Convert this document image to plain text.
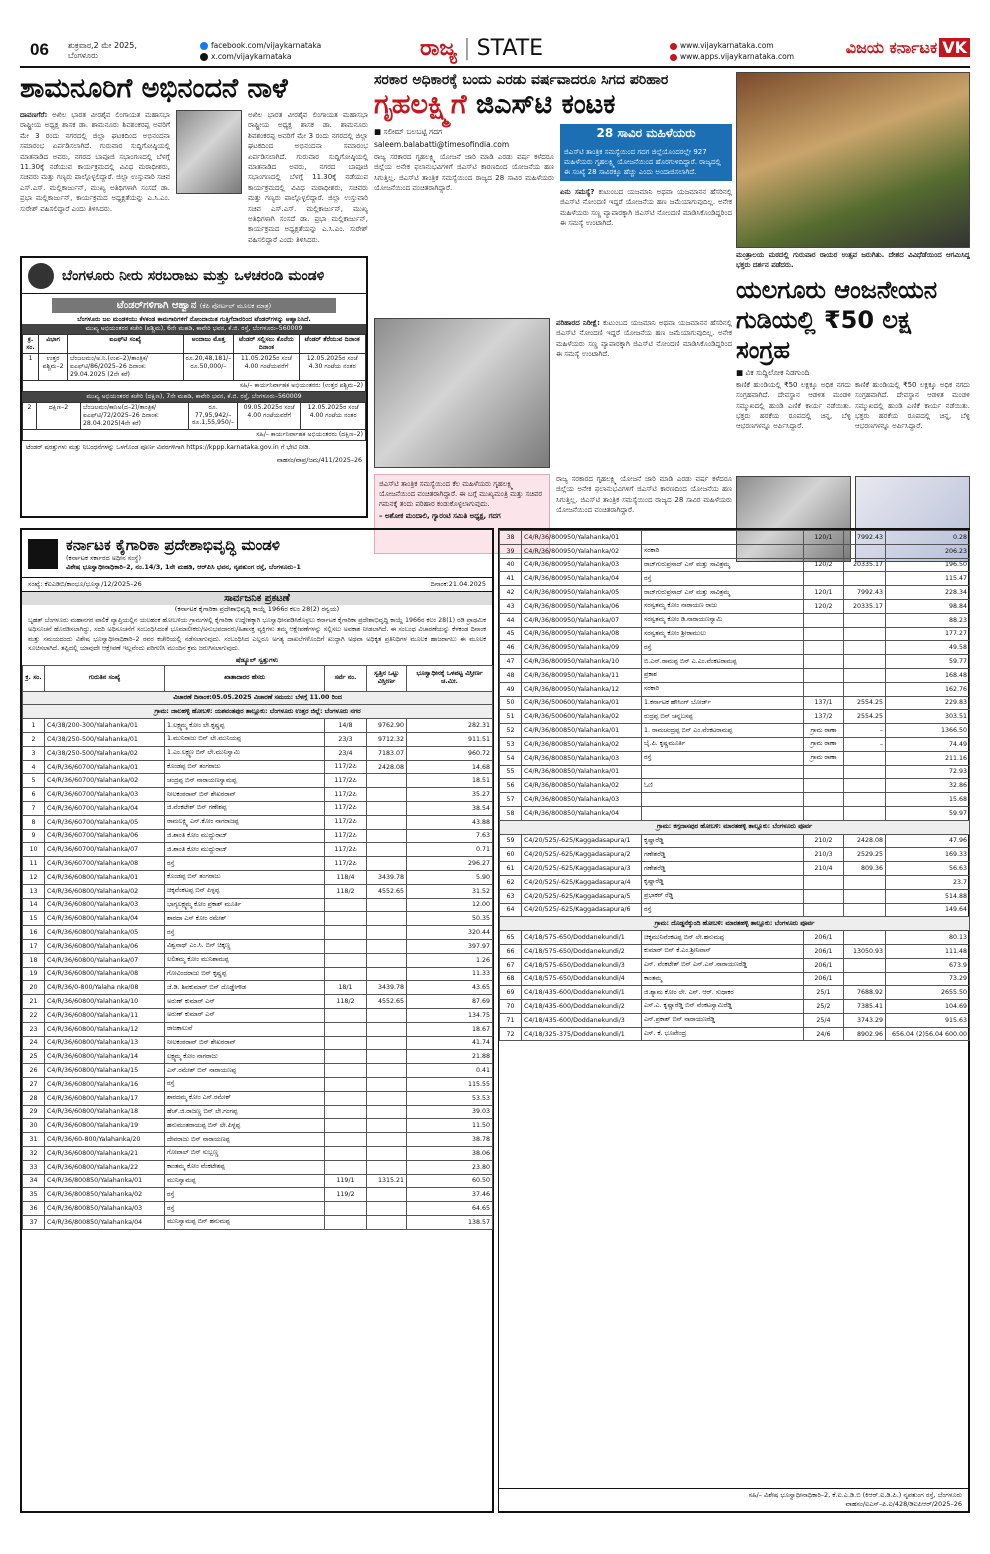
06 ಶುಕ್ರವಾರ,2 ಮೇ 2025,
ಬೆಂಗಳೂರು
facebook.com/vijaykarnataka
x.com/vijaykarnataka	ರಾಜ್ಯ | STATE	www.vijaykarnataka.com
www.apps.vijaykarnataka.com	ವಿಜಯ ಕರ್ನಾಟಕ VK
ಶಾಮನೂರಿಗೆ ಅಭಿನಂದನೆ ನಾಳೆ
ದಾವಣಗೆರೆ: ಅಖಿಲ ಭಾರತ ವೀರಶೈವ ಲಿಂಗಾಯತ ಮಹಾಸಭಾ ರಾಷ್ಟ್ರೀಯ ಅಧ್ಯಕ್ಷ ಶಾಸಕ ಡಾ. ಶಾಮನೂರು ಶಿವಶಂಕರಪ್ಪ ಅವರಿಗೆ ಮೇ 3 ರಂದು ನಗರದಲ್ಲಿ ಜಿಲ್ಲಾ ಘಟಕದಿಂದ ಅಭಿನಂದನಾ ಸಮಾರಂಭ ಏರ್ಪಡಿಸಲಾಗಿದೆ. ಗುರುವಾರ ಸುದ್ದಿಗೋಷ್ಠಿಯಲ್ಲಿ ಮಾತನಾಡಿದ ಅವರು, ನಗರದ ಬಾಪೂಜಿ ಸಭಾಂಗಣದಲ್ಲಿ ಬೆಳಗ್ಗೆ 11.30ಕ್ಕೆ ನಡೆಯುವ ಕಾರ್ಯಕ್ರಮದಲ್ಲಿ ವಿವಿಧ ಮಠಾಧೀಶರು, ಸಚಿವರು ಮತ್ತು ಗಣ್ಯರು ಪಾಲ್ಗೊಳ್ಳಲಿದ್ದಾರೆ. ಜಿಲ್ಲಾ ಉಸ್ತುವಾರಿ ಸಚಿವ ಎಸ್.ಎಸ್. ಮಲ್ಲಿಕಾರ್ಜುನ್, ಮುಖ್ಯ ಅತಿಥಿಗಳಾಗಿ ಸಂಸದೆ ಡಾ. ಪ್ರಭಾ ಮಲ್ಲಿಕಾರ್ಜುನ್, ಕಾರ್ಯಕ್ರಮದ ಅಧ್ಯಕ್ಷತೆಯನ್ನು ಎ.ಸಿ.ಎಂ. ಸುರೇಶ್ ವಹಿಸಲಿದ್ದಾರೆ ಎಂದು ತಿಳಿಸಿದರು.
ಅಖಿಲ ಭಾರತ ವೀರಶೈವ ಲಿಂಗಾಯತ ಮಹಾಸಭಾ ರಾಷ್ಟ್ರೀಯ ಅಧ್ಯಕ್ಷ ಶಾಸಕ ಡಾ. ಶಾಮನೂರು ಶಿವಶಂಕರಪ್ಪ ಅವರಿಗೆ ಮೇ 3 ರಂದು ನಗರದಲ್ಲಿ ಜಿಲ್ಲಾ ಘಟಕದಿಂದ ಅಭಿನಂದನಾ ಸಮಾರಂಭ ಏರ್ಪಡಿಸಲಾಗಿದೆ. ಗುರುವಾರ ಸುದ್ದಿಗೋಷ್ಠಿಯಲ್ಲಿ ಮಾತನಾಡಿದ ಅವರು, ನಗರದ ಬಾಪೂಜಿ ಸಭಾಂಗಣದಲ್ಲಿ ಬೆಳಗ್ಗೆ 11.30ಕ್ಕೆ ನಡೆಯುವ ಕಾರ್ಯಕ್ರಮದಲ್ಲಿ ವಿವಿಧ ಮಠಾಧೀಶರು, ಸಚಿವರು ಮತ್ತು ಗಣ್ಯರು ಪಾಲ್ಗೊಳ್ಳಲಿದ್ದಾರೆ. ಜಿಲ್ಲಾ ಉಸ್ತುವಾರಿ ಸಚಿವ ಎಸ್.ಎಸ್. ಮಲ್ಲಿಕಾರ್ಜುನ್, ಮುಖ್ಯ ಅತಿಥಿಗಳಾಗಿ ಸಂಸದೆ ಡಾ. ಪ್ರಭಾ ಮಲ್ಲಿಕಾರ್ಜುನ್, ಕಾರ್ಯಕ್ರಮದ ಅಧ್ಯಕ್ಷತೆಯನ್ನು ಎ.ಸಿ.ಎಂ. ಸುರೇಶ್ ವಹಿಸಲಿದ್ದಾರೆ ಎಂದು ತಿಳಿಸಿದರು.
ಬೆಂಗಳೂರು ನೀರು ಸರಬರಾಜು ಮತ್ತು ಒಳಚರಂಡಿ ಮಂಡಳಿ
ಟೆಂಡರ್‌ಗಳಿಗಾಗಿ ಆಹ್ವಾನ (ಕೆಪಿ ಪೋರ್ಟಲ್ ಮೂಲಕ ಮಾತ್ರ)
ಬೆಂಗಳೂರು ಜಲ ಮಂಡಳಿಯು ಕೆಳಕಂಡ ಕಾಮಗಾರಿಗಳಿಗೆ ನೋಂದಾಯಿತ ಗುತ್ತಿಗೆದಾರರಿಂದ ಟೆಂಡರ್‌ಗಳನ್ನು ಆಹ್ವಾನಿಸಿದೆ.
ಮುಖ್ಯ ಅಭಿಯಂತರರ ಕಚೇರಿ (ಪಶ್ಚಿಮ), 6ನೇ ಮಹಡಿ, ಕಾವೇರಿ ಭವನ, ಕೆ.ಜಿ. ರಸ್ತೆ, ಬೆಂಗಳೂರು–560009
ಕ್ರ. ಸಂ.	ವಿಭಾಗ	ಐಎಫ್‌ಟಿ ಸಂಖ್ಯೆ	ಅಂದಾಜು ಮೊತ್ತ	ಟೆಂಡರ್ ಸಲ್ಲಿಸಲು ಕೊನೆಯ ದಿನಾಂಕ	ಟೆಂಡರ್ ತೆರೆಯುವ ದಿನಾಂಕ
1	ಉತ್ತರ ಪಶ್ಚಿಮ–2	ಬೆಂಜಲಮಂ/ಅ.ನಿ.(ಉಪ–2)/ತಾಂತ್ರಿಕ/ಐಎಫ್‌ಟಿ/86/2025–26 ದಿನಾಂಕ: 29.04.2025 (2ನೇ ಕರೆ)	ರೂ.20,48,181/–
ರೂ.50,000/–	11.05.2025ರ ಸಂಜೆ 4.00 ಗಂಟೆಯವರೆಗೆ	12.05.2025ರ ಸಂಜೆ 4.30 ಗಂಟೆಯ ನಂತರ
ಸಹಿ/– ಕಾರ್ಯನಿರ್ವಾಹಕ ಅಭಿಯಂತರರು (ಉತ್ತರ ಪಶ್ಚಿಮ–2)					
ಮುಖ್ಯ ಅಭಿಯಂತರರ ಕಚೇರಿ (ದಕ್ಷಿಣ), 7ನೇ ಮಹಡಿ, ಕಾವೇರಿ ಭವನ, ಕೆ.ಜಿ. ರಸ್ತೆ, ಬೆಂಗಳೂರು–560009
2	ದಕ್ಷಿಣ–2	ಬೆಂಜಲಮಂ/ಕಾನಿಅ(ದ–2)/ತಾಂತ್ರಿಕ/ಐಎಫ್‌ಟಿ/72/2025–26 ದಿನಾಂಕ: 28.04.2025(4ನೇ ಕರೆ)	
ರೂ. 77,95,942/–
ರೂ.1,55,950/–
	09.05.2025ರ ಸಂಜೆ 4.00 ಗಂಟೆಯವರೆಗೆ	12.05.2025ರ ಸಂಜೆ 4.00 ಗಂಟೆಯ ನಂತರ
ಸಹಿ/– ಕಾರ್ಯನಿರ್ವಾಹಕ ಅಭಿಯಂತರರು (ದಕ್ಷಿಣ–2)
ಟೆಂಡರ್ ಷರತ್ತುಗಳು ಮತ್ತು ನಿಬಂಧನೆಗಳನ್ನು ಒಳಗೊಂಡ ಪೂರ್ಣ ವಿವರಗಳಿಗಾಗಿ https://kppp.karnataka.gov.in ಗೆ ಭೇಟಿ ನೀಡಿ.
ವಾಹಸಂ/ವಾಪ್ರ/ಜಮ/411/2025–26
ಸರಕಾರ ಅಧಿಕಾರಕ್ಕೆ ಬಂದು ಎರಡು ವರ್ಷವಾದರೂ ಸಿಗದ ಪರಿಹಾರ
ಗೃಹಲಕ್ಷ್ಮಿಗೆ ಜಿಎಸ್‌ಟಿ ಕಂಟಕ
■ ಸಲೀಮ್ ಬಲಬಟ್ಟಿ ಗದಗ
saleem.balabatti@timesofindia.com
ರಾಜ್ಯ ಸರಕಾರದ ಗೃಹಲಕ್ಷ್ಮಿ ಯೋಜನೆ ಜಾರಿ ಮಾಡಿ ಎರಡು ವರ್ಷ ಕಳೆದರೂ ಜಿಲ್ಲೆಯ ಅನೇಕ ಫಲಾನುಭವಿಗಳಿಗೆ ಜಿಎಸ್‌ಟಿ ಕಾರಣದಿಂದ ಯೋಜನೆಯ ಹಣ ಸಿಗುತ್ತಿಲ್ಲ. ಜಿಎಸ್‌ಟಿ ತಾಂತ್ರಿಕ ಸಮಸ್ಯೆಯಿಂದ ರಾಜ್ಯದ 28 ಸಾವಿರ ಮಹಿಳೆಯರು ಯೋಜನೆಯಿಂದ ವಂಚಿತರಾಗಿದ್ದಾರೆ.
28 ಸಾವಿರ ಮಹಿಳೆಯರು
ಜಿಎಸ್‌ಟಿ ತಾಂತ್ರಿಕ ಸಮಸ್ಯೆಯಿಂದ ಗದಗ ಜಿಲ್ಲೆಯೊಂದರಲ್ಲೇ 927 ಮಹಿಳೆಯರು ಗೃಹಲಕ್ಷ್ಮಿ ಯೋಜನೆಯಿಂದ ಹೊರಗುಳಿದಿದ್ದಾರೆ. ರಾಜ್ಯದಲ್ಲಿ ಈ ಸಂಖ್ಯೆ 28 ಸಾವಿರಕ್ಕೂ ಹೆಚ್ಚು ಎಂದು ಅಂದಾಜಿಸಲಾಗಿದೆ.
ಏನು ಸಮಸ್ಯೆ? ಕುಟುಂಬದ ಯಜಮಾನಿ ಅಥವಾ ಯಜಮಾನನ ಹೆಸರಿನಲ್ಲಿ ಜಿಎಸ್‌ಟಿ ನೋಂದಣಿ ಇದ್ದರೆ ಯೋಜನೆಯ ಹಣ ಜಮೆಯಾಗುವುದಿಲ್ಲ. ಅನೇಕ ಮಹಿಳೆಯರು ಸಣ್ಣ ವ್ಯಾಪಾರಕ್ಕಾಗಿ ಜಿಎಸ್‌ಟಿ ನೋಂದಣಿ ಮಾಡಿಸಿಕೊಂಡಿದ್ದರಿಂದ ಈ ಸಮಸ್ಯೆ ಉಂಟಾಗಿದೆ.
ಪರಿಹಾರದ ನಿರೀಕ್ಷೆ: ಕುಟುಂಬದ ಯಜಮಾನಿ ಅಥವಾ ಯಜಮಾನನ ಹೆಸರಿನಲ್ಲಿ ಜಿಎಸ್‌ಟಿ ನೋಂದಣಿ ಇದ್ದರೆ ಯೋಜನೆಯ ಹಣ ಜಮೆಯಾಗುವುದಿಲ್ಲ. ಅನೇಕ ಮಹಿಳೆಯರು ಸಣ್ಣ ವ್ಯಾಪಾರಕ್ಕಾಗಿ ಜಿಎಸ್‌ಟಿ ನೋಂದಣಿ ಮಾಡಿಸಿಕೊಂಡಿದ್ದರಿಂದ ಈ ಸಮಸ್ಯೆ ಉಂಟಾಗಿದೆ.
ಜಿಎಸ್‌ಟಿ ತಾಂತ್ರಿಕ ಸಮಸ್ಯೆಯಿಂದ ಕೆಲ ಮಹಿಳೆಯರು ಗೃಹಲಕ್ಷ್ಮಿ ಯೋಜನೆಯಿಂದ ವಂಚಿತರಾಗಿದ್ದಾರೆ. ಈ ಬಗ್ಗೆ ಮುಖ್ಯಮಂತ್ರಿ ಮತ್ತು ಸಚಿವರ ಗಮನಕ್ಕೆ ತಂದು ಪರಿಹಾರ ಕಂಡುಕೊಳ್ಳಲಾಗುವುದು.
– ಅಶೋಕ ಮಂದಾಲಿ, ಗ್ಯಾರಂಟಿ ಸಮಿತಿ ಅಧ್ಯಕ್ಷ, ಗದಗ
ರಾಜ್ಯ ಸರಕಾರದ ಗೃಹಲಕ್ಷ್ಮಿ ಯೋಜನೆ ಜಾರಿ ಮಾಡಿ ಎರಡು ವರ್ಷ ಕಳೆದರೂ ಜಿಲ್ಲೆಯ ಅನೇಕ ಫಲಾನುಭವಿಗಳಿಗೆ ಜಿಎಸ್‌ಟಿ ಕಾರಣದಿಂದ ಯೋಜನೆಯ ಹಣ ಸಿಗುತ್ತಿಲ್ಲ. ಜಿಎಸ್‌ಟಿ ತಾಂತ್ರಿಕ ಸಮಸ್ಯೆಯಿಂದ ರಾಜ್ಯದ 28 ಸಾವಿರ ಮಹಿಳೆಯರು ಯೋಜನೆಯಿಂದ ವಂಚಿತರಾಗಿದ್ದಾರೆ.
ಮಂತ್ರಾಲಯ ಮಠದಲ್ಲಿ ಗುರುವಾರ ರಾಯರ ಉತ್ಸವ ಜರುಗಿತು. ದೇಶದ ವಿವಿಧೆಡೆಯಿಂದ ಆಗಮಿಸಿದ್ದ ಭಕ್ತರು ದರ್ಶನ ಪಡೆದರು.
ಯಲಗೂರು ಆಂಜನೇಯನ ಗುಡಿಯಲ್ಲಿ ₹50 ಲಕ್ಷ ಸಂಗ್ರಹ
■ ವಿಕ ಸುದ್ದಿಲೋಕ ನಿಡಗುಂದಿ
ಕಾಣಿಕೆ ಹುಂಡಿಯಲ್ಲಿ ₹50 ಲಕ್ಷಕ್ಕೂ ಅಧಿಕ ನಗದು ಸಂಗ್ರಹವಾಗಿದೆ. ದೇವಸ್ಥಾನ ಆಡಳಿತ ಮಂಡಳಿ ಸಮ್ಮುಖದಲ್ಲಿ ಹುಂಡಿ ಎಣಿಕೆ ಕಾರ್ಯ ನಡೆಯಿತು. ಭಕ್ತರು ಹರಕೆಯ ರೂಪದಲ್ಲಿ ಚಿನ್ನ, ಬೆಳ್ಳಿ ಆಭರಣಗಳನ್ನೂ ಅರ್ಪಿಸಿದ್ದಾರೆ.
ಕಾಣಿಕೆ ಹುಂಡಿಯಲ್ಲಿ ₹50 ಲಕ್ಷಕ್ಕೂ ಅಧಿಕ ನಗದು ಸಂಗ್ರಹವಾಗಿದೆ. ದೇವಸ್ಥಾನ ಆಡಳಿತ ಮಂಡಳಿ ಸಮ್ಮುಖದಲ್ಲಿ ಹುಂಡಿ ಎಣಿಕೆ ಕಾರ್ಯ ನಡೆಯಿತು. ಭಕ್ತರು ಹರಕೆಯ ರೂಪದಲ್ಲಿ ಚಿನ್ನ, ಬೆಳ್ಳಿ ಆಭರಣಗಳನ್ನೂ ಅರ್ಪಿಸಿದ್ದಾರೆ.
ಕರ್ನಾಟಕ ಕೈಗಾರಿಕಾ ಪ್ರದೇಶಾಭಿವೃದ್ಧಿ ಮಂಡಳಿ
(ಕರ್ನಾಟಕ ಸರ್ಕಾರದ ಅಧೀನ ಸಂಸ್ಥೆ)
ವಿಶೇಷ ಭೂಸ್ವಾಧೀನಾಧಿಕಾರಿ–2, ನಂ.14/3, 1ನೇ ಮಹಡಿ, ಆರ್‌ಪಿಸಿ ಭವನ, ನೃಪತುಂಗ ರಸ್ತೆ, ಬೆಂಗಳೂರು–1
ಸಂಖ್ಯೆ: ಕೆಐಎಡಿಬಿ/ಕಾಂಭೂ/ಭೂಸ್ವಾ/12/2025–26	ದಿನಾಂಕ:21.04.2025
ಸಾರ್ವಜನಿಕ ಪ್ರಕಟಣೆ
(ಕರ್ನಾಟಕ ಕೈಗಾರಿಕಾ ಪ್ರದೇಶಾಭಿವೃದ್ಧಿ ಕಾಯ್ದೆ 1966ರ ಕಲಂ 28(2) ರನ್ವಯ)
ಬೃಹತ್ ಬೆಂಗಳೂರು ಮಹಾನಗರ ಪಾಲಿಕೆ ವ್ಯಾಪ್ತಿಯಲ್ಲಿನ ಯಲಹಂಕ ಹೋಬಳಿಯ ಗ್ರಾಮಗಳಲ್ಲಿ ಕೈಗಾರಿಕಾ ಉದ್ದೇಶಕ್ಕಾಗಿ ಭೂಸ್ವಾಧೀನಪಡಿಸಿಕೊಳ್ಳಲು ಕರ್ನಾಟಕ ಕೈಗಾರಿಕಾ ಪ್ರದೇಶಾಭಿವೃದ್ಧಿ ಕಾಯ್ದೆ 1966ರ ಕಲಂ 28(1) ರಡಿ ಪ್ರಾಥಮಿಕ ಅಧಿಸೂಚನೆ ಹೊರಡಿಸಲಾಗಿದ್ದು, ಸದರಿ ಅಧಿಸೂಚನೆಗೆ ಸಂಬಂಧಿಸಿದಂತೆ ಭೂಮಾಲೀಕರು/ಅನುಭವದಾರರು/ಹಿತಾಸಕ್ತ ವ್ಯಕ್ತಿಗಳು ತಮ್ಮ ಆಕ್ಷೇಪಣೆಗಳನ್ನು ಸಲ್ಲಿಸಲು ಅವಕಾಶ ನೀಡಲಾಗಿದೆ. ಈ ಸಂಬಂಧ ವಿಚಾರಣೆಯನ್ನು ಕೆಳಕಂಡ ದಿನಾಂಕ ಮತ್ತು ಸಮಯದಂದು ವಿಶೇಷ ಭೂಸ್ವಾಧೀನಾಧಿಕಾರಿ–2 ರವರ ಕಚೇರಿಯಲ್ಲಿ ನಡೆಸಲಾಗುವುದು. ಸಂಬಂಧಿಸಿದ ಎಲ್ಲರೂ ಅಗತ್ಯ ದಾಖಲೆಗಳೊಂದಿಗೆ ಖುದ್ದಾಗಿ ಅಥವಾ ಅಧಿಕೃತ ಪ್ರತಿನಿಧಿಗಳ ಮೂಲಕ ಹಾಜರಾಗಲು ಈ ಮೂಲಕ ಸೂಚಿಸಲಾಗಿದೆ. ತಪ್ಪಿದಲ್ಲಿ ಯಾವುದೇ ಆಕ್ಷೇಪಣೆ ಇಲ್ಲವೆಂದು ಪರಿಗಣಿಸಿ ಮುಂದಿನ ಕ್ರಮ ಜರುಗಿಸಲಾಗುವುದು.
ಷೆಡ್ಯೂಲ್ ಸ್ವತ್ತುಗಳು
ಕ್ರ. ಸಂ.	ಗುರುತಿನ ಸಂಖ್ಯೆ	ಖಾತಾದಾರರ ಹೆಸರು	ಸರ್ವೆ ನಂ.	ಸ್ವತ್ತಿನ ಒಟ್ಟು ವಿಸ್ತೀರ್ಣ	ಭೂಸ್ವಾಧೀನಕ್ಕೆ ಒಳಪಟ್ಟ ವಿಸ್ತೀರ್ಣ ಚ.ಮೀ.
ವಿಚಾರಣೆ ದಿನಾಂಕ:05.05.2025 ವಿಚಾರಣೆ ಸಮಯ: ಬೆಳಗ್ಗೆ 11.00 ರಿಂದ					
ಗ್ರಾಮ: ಜಾಲಹಳ್ಳಿ ಹೋಬಳಿ: ಯಶವಂತಪುರ ತಾಲ್ಲೂಕು: ಬೆಂಗಳೂರು ಉತ್ತರ ಜಿಲ್ಲೆ: ಬೆಂಗಳೂರು ನಗರ					
1	C4/38/200-300/Yalahanka/01	1.ಲಕ್ಷ್ಮಮ್ಮ ಕೋಂ ಲೇ.ಕೃಷ್ಣಪ್ಪ	14/8	9762.90	282.31
2	C4/38/250-500/Yalahanka/01	1.ಮುನಿರಾಜು ಬಿನ್ ಲೇ.ಮುನಿಯಪ್ಪ	23/3	9712.32	911.51
3	C4/38/250-500/Yalahanka/02	1.ಎಂ.ಲಕ್ಷ್ಮಣ ಬಿನ್ ಲೇ.ಮುನಿಸ್ವಾಮಿ	23/4	7183.07	960.72
4	C4/R/36/60700/Yalahanka/01	ಕೊಂಡಪ್ಪ ಬಿನ್ ತಂಗರಾಜು	117/2ಪಿ	2428.08	14.68
5	C4/R/36/60700/Yalahanka/02	ಚಂದ್ರಪ್ಪ ಬಿನ್ ನಾರಾಯಣಸ್ವಾಮಪ್ಪ	117/2ಪಿ		18.51
6	C4/R/36/60700/Yalahanka/03	ನೀಲಕಂಠರಾವ್ ಬಿನ್ ಶೇಖರರಾವ್	117/2ಪಿ		35.27
7	C4/R/36/60700/Yalahanka/04	ಜಿ.ವೆಂಕಟೇಶ್ ಬಿನ್ ಗಣೇಶಪ್ಪ	117/2ಪಿ		38.54
8	C4/R/36/60700/Yalahanka/05	ರಾಮಲಕ್ಷ್ಮಿ ಎನ್.ಕೋಂ ನಾಗರಾಜಪ್ಪ	117/2ಪಿ		43.88
9	C4/R/36/60700/Yalahanka/06	ಜಿ.ಶಾಂತಿ ಕೋಂ ಮುದ್ದುರಾಜ್	117/2ಪಿ		7.63
10	C4/R/36/60700/Yalahanka/07	ಜಿ.ಶಾಂತಿ ಕೋಂ ಮುದ್ದುರಾಜ್	117/2ಪಿ		0.71
11	C4/R/36/60700/Yalahanka/08	ರಸ್ತೆ	117/2ಪಿ		296.27
12	C4/R/36/60800/Yalahanka/01	ಕೊಂಡಪ್ಪ ಬಿನ್ ತಂಗರಾಜು	118/4	3439.78	5.90
13	C4/R/36/60800/Yalahanka/02	ಚಿಕ್ಕವೆಂಕಟಪ್ಪ ಬಿನ್ ಪಿಳ್ಳಪ್ಪ	118/2	4552.65	31.52
14	C4/R/36/60800/Yalahanka/03	ಭಾಗ್ಯಲಕ್ಷ್ಮಮ್ಮ ಕೋಂ ಪ್ರಕಾಶ್ ಮೂರ್ತಿ			12.00
15	C4/R/36/60800/Yalahanka/04	ಶಾರದಾ ಎಸ್ ಕೋಂ ರಮೇಶ್			50.35
16	C4/R/36/60800/Yalahanka/05	ರಸ್ತೆ			320.44
17	C4/R/36/60800/Yalahanka/06	ವಿಶ್ವನಾಥ್ ಎಂ.ಸಿ. ಬಿನ್ ಚಿಕ್ಕಣ್ಣ			397.97
18	C4/R/36/60800/Yalahanka/07	ಲಲಿತಮ್ಮ ಕೋಂ ಮುನಿಶಾಮಪ್ಪ			1.26
19	C4/R/36/60800/Yalahanka/08	ಗೋವಿಂದರಾಜು ಬಿನ್ ಕೃಷ್ಣಪ್ಪ			11.33
20	C4/R/36/0-800/Yalaha nka/08	ಜೆ.ಡಿ. ಶಿವಕುಮಾರ್ ಬಿನ್ ದೊಡ್ಡೇಗೌಡ	18/1	3439.78	43.65
21	C4/R/36/60800/Yalahanka/10	ಅರುಣ್ ಕುಮಾರ್ ಎನ್	118/2	4552.65	87.69
22	C4/R/36/60800/Yalahanka/11	ಅರುಣ್ ಕುಮಾರ್ ಎನ್			134.75
23	C4/R/36/60800/Yalahanka/12	ರಾಜಕಾಲುವೆ			18.67
24	C4/R/36/60800/Yalahanka/13	ನೀಲಕಂಠರಾವ್ ಬಿನ್ ಶೇಖರರಾವ್			41.74
25	C4/R/36/60800/Yalahanka/14	ಲಕ್ಷ್ಮಮ್ಮ ಕೋಂ ನಾಗರಾಜು			21.88
26	C4/R/36/60800/Yalahanka/15	ಎಸ್.ರಮೇಶ್ ಬಿನ್ ನಾರಾಯಣಪ್ಪ			0.41
27	C4/R/36/60800/Yalahanka/16	ರಸ್ತೆ			115.55
28	C4/R/36/60800/Yalahanka/17	ಶಾರದಮ್ಮ ಕೋಂ ಎಸ್.ರಮೇಶ್			53.53
29	C4/R/36/60800/Yalahanka/18	ಹೆಚ್.ಜಿ.ರಾಜಣ್ಣ ಬಿನ್ ಲೇ.ಗಂಗಪ್ಪ			39.03
30	C4/R/36/60800/Yalahanka/19	ಹನುಮಂತರಾಯಪ್ಪ ಬಿನ್ ಲೇ.ಪಿಳ್ಳಪ್ಪ			11.50
31	C4/R/36/60-800/Yalahanka/20	ದೇವರಾಜು ಬಿನ್ ನಾರಾಯಣಪ್ಪ			38.78
32	C4/R/36/60800/Yalahanka/21	ಗೋಪಾಲ್ ಬಿನ್ ಸುಬ್ಬಣ್ಣ			38.06
33	C4/R/36/60800/Yalahanka/22	ಕಾಂತಮ್ಮ ಕೋಂ ವೆಂಕಟೇಶಪ್ಪ			23.80
34	C4/R/36/800850/Yalahanka/01	ಮುನಿಸ್ವಾಮಪ್ಪ	119/1	1315.21	60.50
35	C4/R/36/800850/Yalahanka/02	ರಸ್ತೆ	119/2		37.46
36	C4/R/36/800850/Yalahanka/03	ರಸ್ತೆ			64.65
37	C4/R/36/800850/Yalahanka/04	ಮುನಿಸ್ವಾಮಪ್ಪ ಬಿನ್ ಹನುಮಪ್ಪ			138.57
38	C4/R/36/800950/Yalahanka/01		120/1	7992.43	0.28
39	C4/R/36/800950/Yalahanka/02	ಸರಕಾರಿ			206.23
40	C4/R/36/800950/Yalahanka/03	ರಾಜ್‌ಗುರುಪ್ರಸಾದ್ ಎಸ್ ಮತ್ತು ಸಾವಿತ್ರಮ್ಮ	120/2	20335.17	196.50
41	C4/R/36/800950/Yalahanka/04	ರಸ್ತೆ			115.47
42	C4/R/36/800950/Yalahanka/05	ರಾಜ್‌ಗುರುಪ್ರಸಾದ್ ಎಸ್ ಮತ್ತು ಸಾವಿತ್ರಮ್ಮ	120/1	7992.43	228.34
43	C4/R/36/800950/Yalahanka/06	ಸರಸ್ವತಮ್ಮ ಕೋಂ ನಾರಾಯಣ ರಾಜು	120/2	20335.17	98.84
44	C4/R/36/800950/Yalahanka/07	ಸರಸ್ವತಮ್ಮ ಕೋಂ ಡಿ.ನಾರಾಯಣಸ್ವಾಮಿ			88.23
45	C4/R/36/800950/Yalahanka/08	ಸರಸ್ವತಮ್ಮ ಕೋಂ ಶ್ರೀರಾಮುಲು			177.27
46	C4/R/36/800950/Yalahanka/09	ರಸ್ತೆ			49.58
47	C4/R/36/800950/Yalahanka/10	ಬಿ.ಎನ್.ರಾಮಪ್ಪ ಬಿನ್ ಎ.ಎಂ.ವೆಂಕಟರಾಮಪ್ಪ			59.77
48	C4/R/36/800950/Yalahanka/11	ಪ್ರಕಾಶ			168.48
49	C4/R/36/800950/Yalahanka/12	ಸರಕಾರಿ			162.76
50	C4/R/36/500600/Yalahanka/01	1.ಕರ್ನಾಟಕ ಹೌಸಿಂಗ್ ಬೋರ್ಡ್	137/1	2554.25	229.83
51	C4/R/36/500600/Yalahanka/02	ರುದ್ರಪ್ಪ ಬಿನ್ ಚನ್ನಬಸಪ್ಪ	137/2	2554.25	303.51
52	C4/R/36/800850/Yalahanka/01	1. ರಾಮಚಂದ್ರಪ್ಪ ಬಿನ್ ಎಂ.ವೆಂಕಟರಾಮಪ್ಪ	ಗ್ರಾಮ ಠಾಣಾ	–	1366.50
53	C4/R/36/800850/Yalahanka/02	ಬೈ.ಪಿ. ಕೃಷ್ಣಮೂರ್ತಿ	ಗ್ರಾಮ ಠಾಣಾ	–	74.49
54	C4/R/36/800850/Yalahanka/03	ರಸ್ತೆ	ಗ್ರಾಮ ಠಾಣಾ		211.16
55	C4/R/36/800850/Yalahanka/01				72.93
56	C4/R/36/800850/Yalahanka/02	ಓಣಿ			32.86
57	C4/R/36/800850/Yalahanka/03				15.68
58	C4/R/36/800850/Yalahanka/04				59.97
ಗ್ರಾಮ: ಕಗ್ಗದಾಸಪುರ ಹೋಬಳಿ: ಮಾರತಹಳ್ಳಿ ತಾಲ್ಲೂಕು: ಬೆಂಗಳೂರು ಪೂರ್ವ					
59	C4/20/525/-625/Kaggadasapura/1	ಕೃಷ್ಣಾರೆಡ್ಡಿ	210/2	2428.08	47.96
60	C4/20/525/-625/Kaggadasapura/2	ಗಣೇಶರೆಡ್ಡಿ	210/3	2529.25	169.33
61	C4/20/525/-625/Kaggadasapura/3	ಗಣೇಶರೆಡ್ಡಿ	210/4	809.36	56.63
62	C4/20/525/-625/Kaggadasapura/4	ಕೃಷ್ಣಾರೆಡ್ಡಿ			23.7
63	C4/20/525/-625/Kaggadasapura/5	ಪ್ರಭಾಕರ್ ರೆಡ್ಡಿ			514.88
64	C4/20/525/-625/Kaggadasapura/6	ರಸ್ತೆ			149.64
ಗ್ರಾಮ: ದೊಡ್ಡನೆಕ್ಕುಂದಿ ಹೋಬಳಿ: ಮಾರತಹಳ್ಳಿ ತಾಲ್ಲೂಕು: ಬೆಂಗಳೂರು ಪೂರ್ವ					
65	C4/18/575-650/Doddanekundi/1	ಚಿಕ್ಕಮುನಿವೆಂಕಟಪ್ಪ ಬಿನ್ ಲೇ.ಹನುಮಪ್ಪ	206/1		80.13
66	C4/18/575-650/Doddanekundi/2	ಕುಮಾರ್ ಬಿನ್ ಕೆ.ಎಂ.ಶ್ರೀನಿವಾಸ್	206/1	13050.93	111.48
67	C4/18/575-650/Doddanekundi/3	ಎನ್. ವೆಂಕಟೇಶ್ ಬಿನ್ ಎನ್.ಎನ್.ನಾರಾಯಣರೆಡ್ಡಿ	206/1		673.9
68	C4/18/575-650/Doddanekundi/4	ಕಾಂತಮ್ಮ	206/1		73.29
69	C4/18/435-600/Doddanekundi/1	ಜಿ.ಶ್ಯಾಮ ಕೋಂ ಲೇ. ಎನ್. ಆರ್. ಸುಧಾಕರ	25/1	7688.92	2655.50
70	C4/18/435-600/Doddanekundi/2	ಎಸ್.ಎ. ಕೃಷ್ಣಾರೆಡ್ಡಿ ಬಿನ್ ವೆಂಕಟಸ್ವಾಮಿರೆಡ್ಡಿ	25/2	7385.41	104.69
71	C4/18/435-600/Doddanekundi/3	ಎನ್.ಪ್ರಕಾಶ್ ಬಿನ್ ನಾರಾಯಣರೆಡ್ಡಿ	25/4	3743.29	915.63
72	C4/18/325-375/Doddanekundi/1	ಎಸ್. ಕೆ. ಭೂಪೇಂದ್ರ	24/6	8902.96	656.04 (2)56.04 600.00
ಸಹಿ/– ವಿಶೇಷ ಭೂಸ್ವಾಧೀನಾಧಿಕಾರಿ–2, ಕೆ.ಐ.ಎ.ಡಿ.ಬಿ (ಕಿಆರ್.ಐ.ಡಿ.ಪಿ.) ನೃಪತುಂಗ ರಸ್ತೆ, ಬೆಂಗಳೂರು
ವಾಹಸಂ/ಐಎಸ್–ಪಿ.ಐ/428/ಡಿಐಪಿಆರ್/2025–26
